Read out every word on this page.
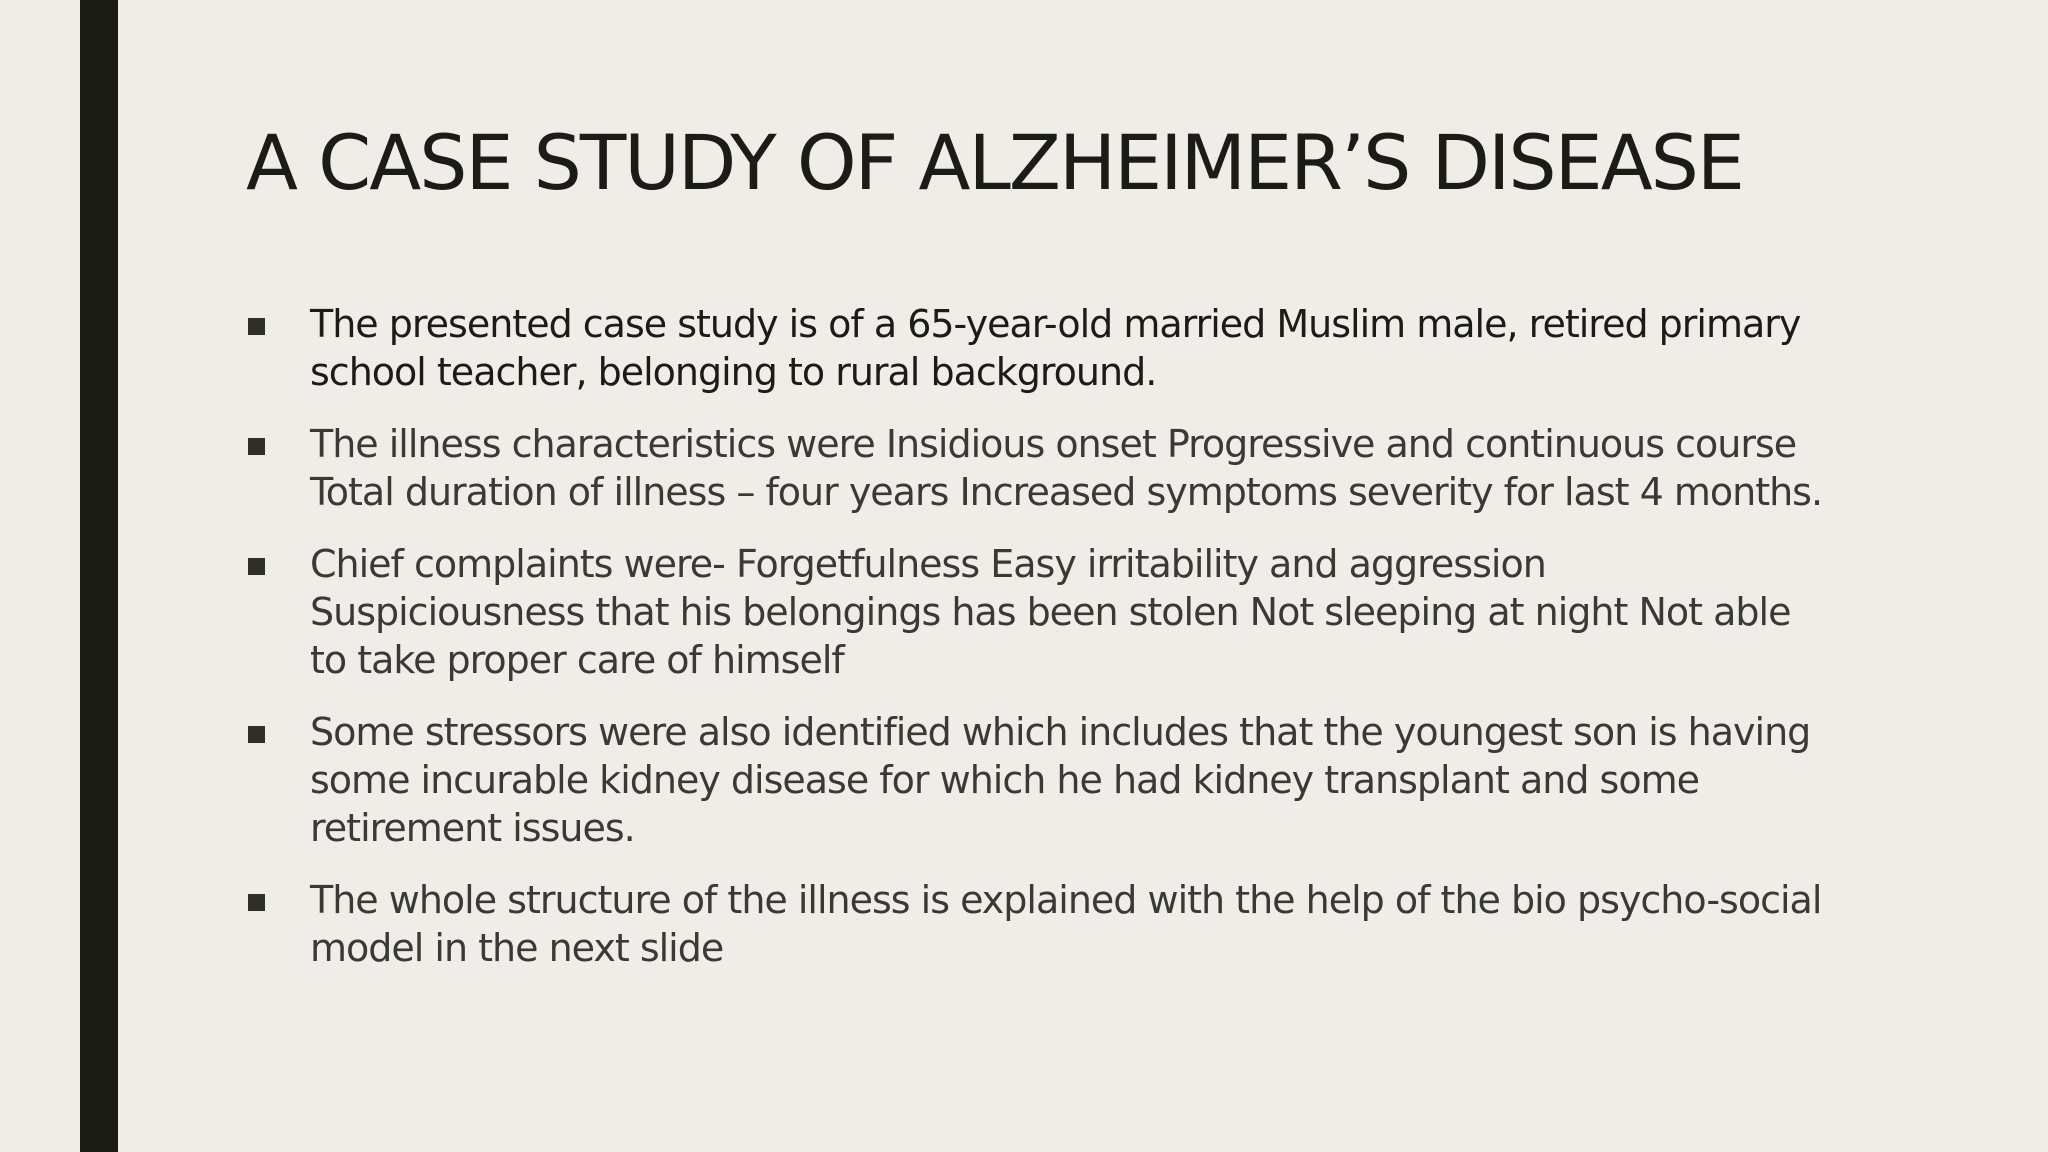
A CASE STUDY OF ALZHEIMER’S DISEASE
The presented case study is of a 65-year-old married Muslim male, retired primary school teacher, belonging to rural background.
The illness characteristics were Insidious onset Progressive and continuous course Total duration of illness – four years Increased symptoms severity for last 4 months.
Chief complaints were- Forgetfulness Easy irritability and aggression Suspiciousness that his belongings has been stolen Not sleeping at night Not able to take proper care of himself
Some stressors were also identified which includes that the youngest son is having some incurable kidney disease for which he had kidney transplant and some retirement issues.
The whole structure of the illness is explained with the help of the bio psycho-social model in the next slide
